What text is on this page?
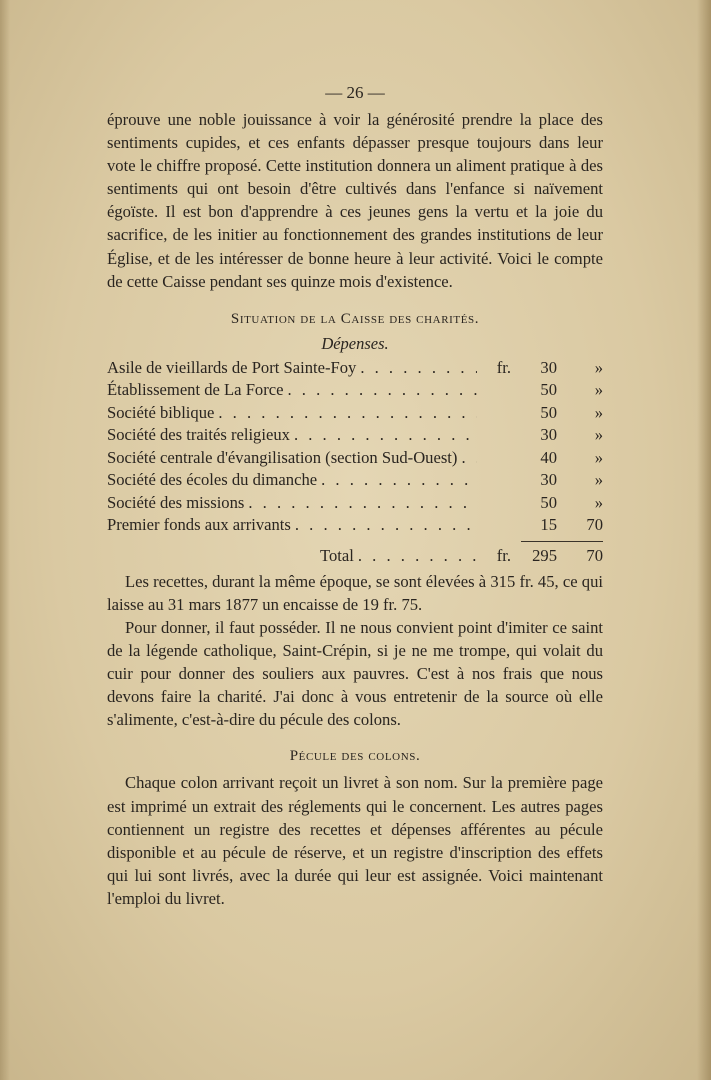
— 26 —

éprouve une noble jouissance à voir la générosité prendre la place des sentiments cupides, et ces enfants dépasser presque toujours dans leur vote le chiffre proposé. Cette institution donnera un aliment pratique à des sentiments qui ont besoin d'être cultivés dans l'enfance si naïvement égoïste. Il est bon d'apprendre à ces jeunes gens la vertu et la joie du sacrifice, de les initier au fonctionnement des grandes institutions de leur Église, et de les intéresser de bonne heure à leur activité. Voici le compte de cette Caisse pendant ses quinze mois d'existence.

Situation de la Caisse des charités.

Dépenses.
Asile de vieillards de Port Sainte-Foy . . .	fr.	30	»
Établissement de La Force . . .	50	»
Société biblique . . .	50	»
Société des traités religieux . . .	30	»
Société centrale d'évangilisation (section Sud-Ouest) . . .	40	»
Société des écoles du dimanche . . .	30	»
Société des missions . . .	50	»
Premier fonds aux arrivants . . .	15	70
Total . . .	fr.	295	70

Les recettes, durant la même époque, se sont élevées à 315 fr. 45, ce qui laisse au 31 mars 1877 un encaisse de 19 fr. 75.

Pour donner, il faut posséder. Il ne nous convient point d'imiter ce saint de la légende catholique, Saint-Crépin, si je ne me trompe, qui volait du cuir pour donner des souliers aux pauvres. C'est à nos frais que nous devons faire la charité. J'ai donc à vous entretenir de la source où elle s'alimente, c'est-à-dire du pécule des colons.

Pécule des colons.

Chaque colon arrivant reçoit un livret à son nom. Sur la première page est imprimé un extrait des réglements qui le concernent. Les autres pages contiennent un registre des recettes et dépenses afférentes au pécule disponible et au pécule de réserve, et un registre d'inscription des effets qui lui sont livrés, avec la durée qui leur est assignée. Voici maintenant l'emploi du livret.
